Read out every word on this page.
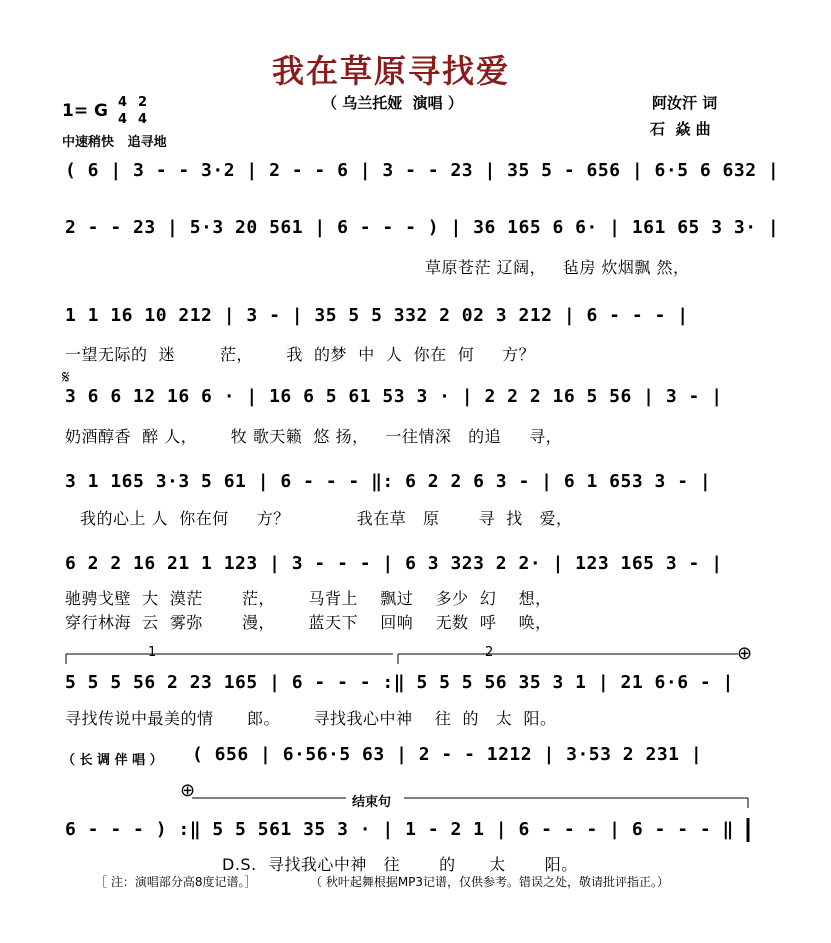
我在草原寻找爱
（ 乌兰托娅  演唱 ）	阿汝汗 词
石  焱 曲
1= G 4
4
2
4
中速稍快   追寻地
( 6 | 3 - - 3·2 | 2 - - 6 | 3 - - 23 | 35 5 - 656 | 6·5 6 632 |
2 - - 23 | 5·3 20 561 | 6 - - - ) | 36 165 6 6· | 161 65 3 3· |
草原苍茫 辽阔，   毡房 炊烟飘 然，
1 1 16 10 212 | 3 - | 35 5 5 332 2 02 3 212 | 6 - - - |
一望无际的  迷        茫，      我  的梦  中  人  你在  何     方？
𝄋
3 6 6 12 16 6 · | 16 6 5 61 53 3 · | 2 2 2 16 5 56 | 3 - |
奶酒醇香  醉 人，      牧 歌天籁  悠 扬，   一往情深   的追     寻，
3 1 165 3·3 5 61 | 6 - - - ‖: 6 2 2 6 3 - | 6 1 653 3 - |
我的心上 人  你在何     方？            我在草   原       寻  找   爱，
6 2 2 16 21 1 123 | 3 - - - | 6 3 323 2 2· | 123 165 3 - |
驰骋戈壁  大  漠茫       茫，      马背上    飘过    多少  幻    想，
穿行林海  云  雾弥       漫，      蓝天下    回响    无数  呼    唤，
1	2	⊕
5 5 5 56 2 23 165 | 6 - - - :‖ 5 5 5 56 35 3 1 | 21 6·6 - |
寻找传说中最美的情      郎。      寻找我心中神    往  的   太  阳。
（ 长 调 伴 唱 ） ( 656 | 6·56·5 63 | 2 - - 1212 | 3·53 2 231 |
⊕
结束句
6 - - - ) :‖ 5 5 561 35 3 · | 1 - 2 1 | 6 - - - | 6 - - - ‖
D.S.  寻找我心中神   往       的      太       阳。
［ 注：演唱部分高8度记谱。］	（ 秋叶起舞根据MP3记谱，仅供参考。错误之处，敬请批评指正。）
